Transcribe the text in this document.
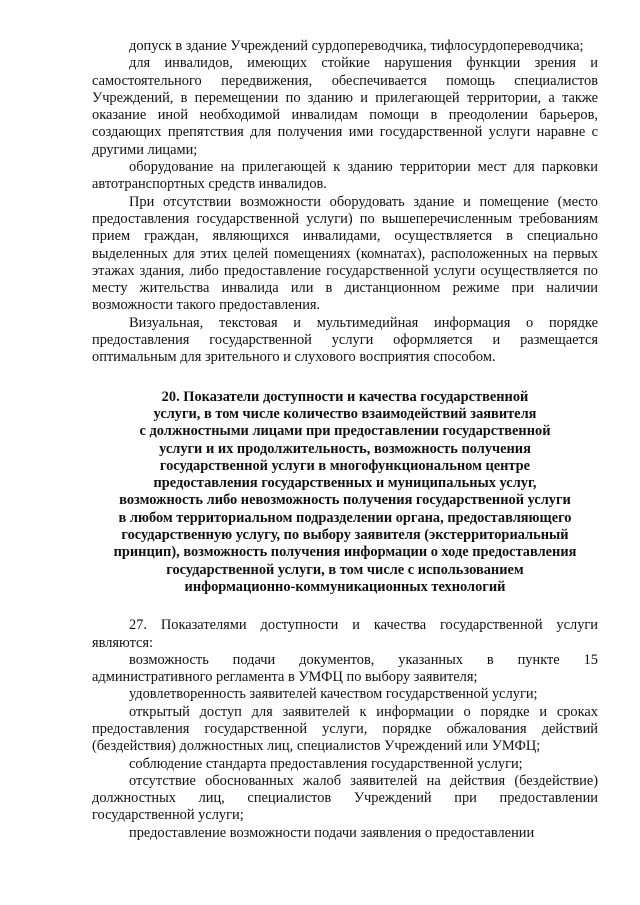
допуск в здание Учреждений сурдопереводчика, тифлосурдопереводчика;

для инвалидов, имеющих стойкие нарушения функции зрения и самостоятельного передвижения, обеспечивается помощь специалистов Учреждений, в перемещении по зданию и прилегающей территории, а также оказание иной необходимой инвалидам помощи в преодолении барьеров, создающих препятствия для получения ими государственной услуги наравне с другими лицами;

оборудование на прилегающей к зданию территории мест для парковки автотранспортных средств инвалидов.

При отсутствии возможности оборудовать здание и помещение (место предоставления государственной услуги) по вышеперечисленным требованиям прием граждан, являющихся инвалидами, осуществляется в специально выделенных для этих целей помещениях (комнатах), расположенных на первых этажах здания, либо предоставление государственной услуги осуществляется по месту жительства инвалида или в дистанционном режиме при наличии возможности такого предоставления.

Визуальная, текстовая и мультимедийная информация о порядке предоставления государственной услуги оформляется и размещается оптимальным для зрительного и слухового восприятия способом.

20. Показатели доступности и качества государственной
услуги, в том числе количество взаимодействий заявителя
с должностными лицами при предоставлении государственной
услуги и их продолжительность, возможность получения
государственной услуги в многофункциональном центре
предоставления государственных и муниципальных услуг,
возможность либо невозможность получения государственной услуги
в любом территориальном подразделении органа, предоставляющего
государственную услугу, по выбору заявителя (экстерриториальный
принцип), возможность получения информации о ходе предоставления
государственной услуги, в том числе с использованием
информационно-коммуникационных технологий

27. Показателями доступности и качества государственной услуги являются:

возможность подачи документов, указанных в пункте 15 административного регламента в УМФЦ по выбору заявителя;

удовлетворенность заявителей качеством государственной услуги;

открытый доступ для заявителей к информации о порядке и сроках предоставления государственной услуги, порядке обжалования действий (бездействия) должностных лиц, специалистов Учреждений или УМФЦ;

соблюдение стандарта предоставления государственной услуги;

отсутствие обоснованных жалоб заявителей на действия (бездействие) должностных лиц, специалистов Учреждений при предоставлении государственной услуги;

предоставление возможности подачи заявления о предоставлении
